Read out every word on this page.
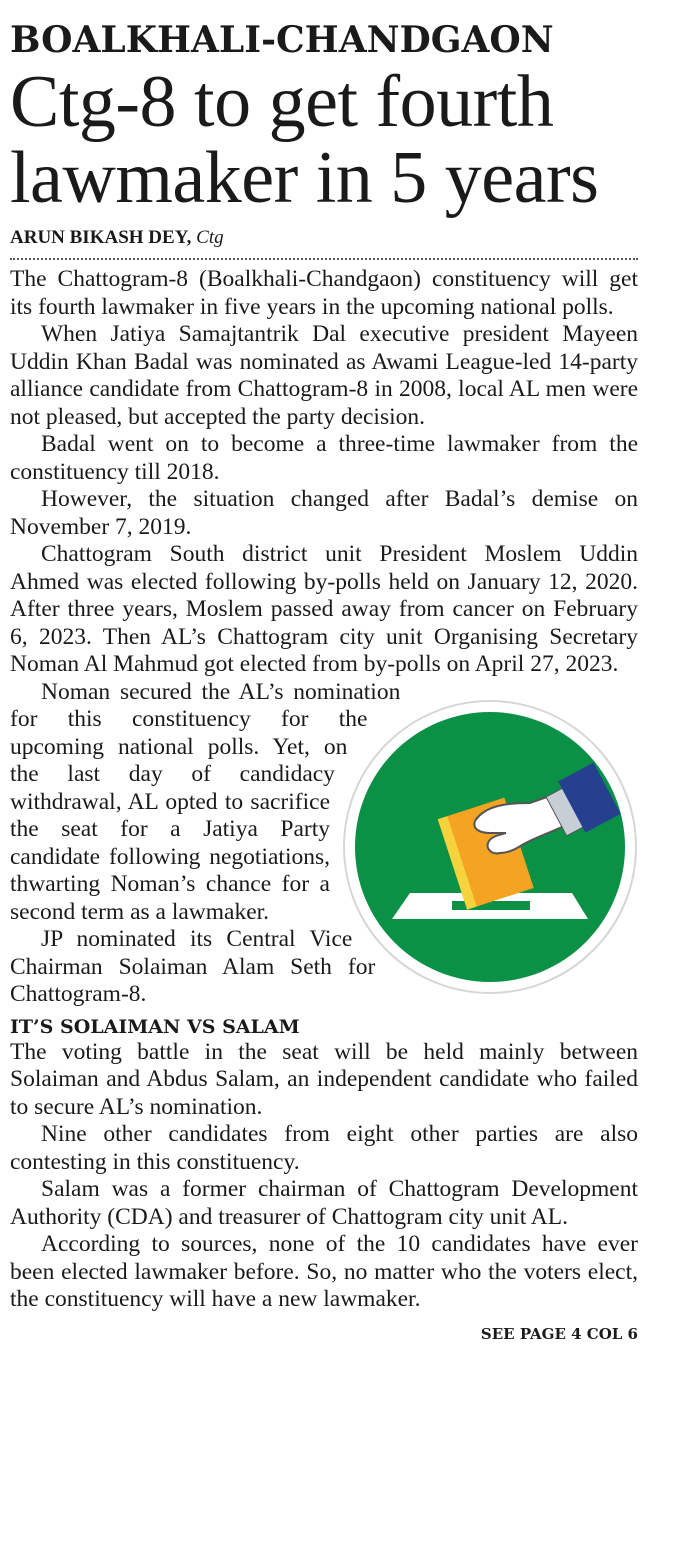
BOALKHALI-CHANDGAON
Ctg-8 to get fourth lawmaker in 5 years
ARUN BIKASH DEY, Ctg

The Chattogram-8 (Boalkhali-Chandgaon) constituency will get its fourth lawmaker in five years in the upcoming national polls.

When Jatiya Samajtantrik Dal executive president Mayeen Uddin Khan Badal was nominated as Awami League-led 14-party alliance candidate from Chattogram-8 in 2008, local AL men were not pleased, but accepted the party decision.

Badal went on to become a three-time lawmaker from the constituency till 2018.

However, the situation changed after Badal’s demise on November 7, 2019.

Chattogram South district unit President Moslem Uddin Ahmed was elected following by-polls held on January 12, 2020. After three years, Moslem passed away from cancer on February 6, 2023. Then AL’s Chattogram city unit Organising Secretary Noman Al Mahmud got elected from by-polls on April 27, 2023.

Noman secured the AL’s nomination for this constituency for the upcoming national polls. Yet, on the last day of candidacy withdrawal, AL opted to sacrifice the seat for a Jatiya Party candidate following negotiations, thwarting Noman’s chance for a second term as a lawmaker.

JP nominated its Central Vice Chairman Solaiman Alam Seth for Chattogram-8.

IT’S SOLAIMAN VS SALAM

The voting battle in the seat will be held mainly between Solaiman and Abdus Salam, an independent candidate who failed to secure AL’s nomination.

Nine other candidates from eight other parties are also contesting in this constituency.

Salam was a former chairman of Chattogram Development Authority (CDA) and treasurer of Chattogram city unit AL.

According to sources, none of the 10 candidates have ever been elected lawmaker before. So, no matter who the voters elect, the constituency will have a new lawmaker.

SEE PAGE 4 COL 6
